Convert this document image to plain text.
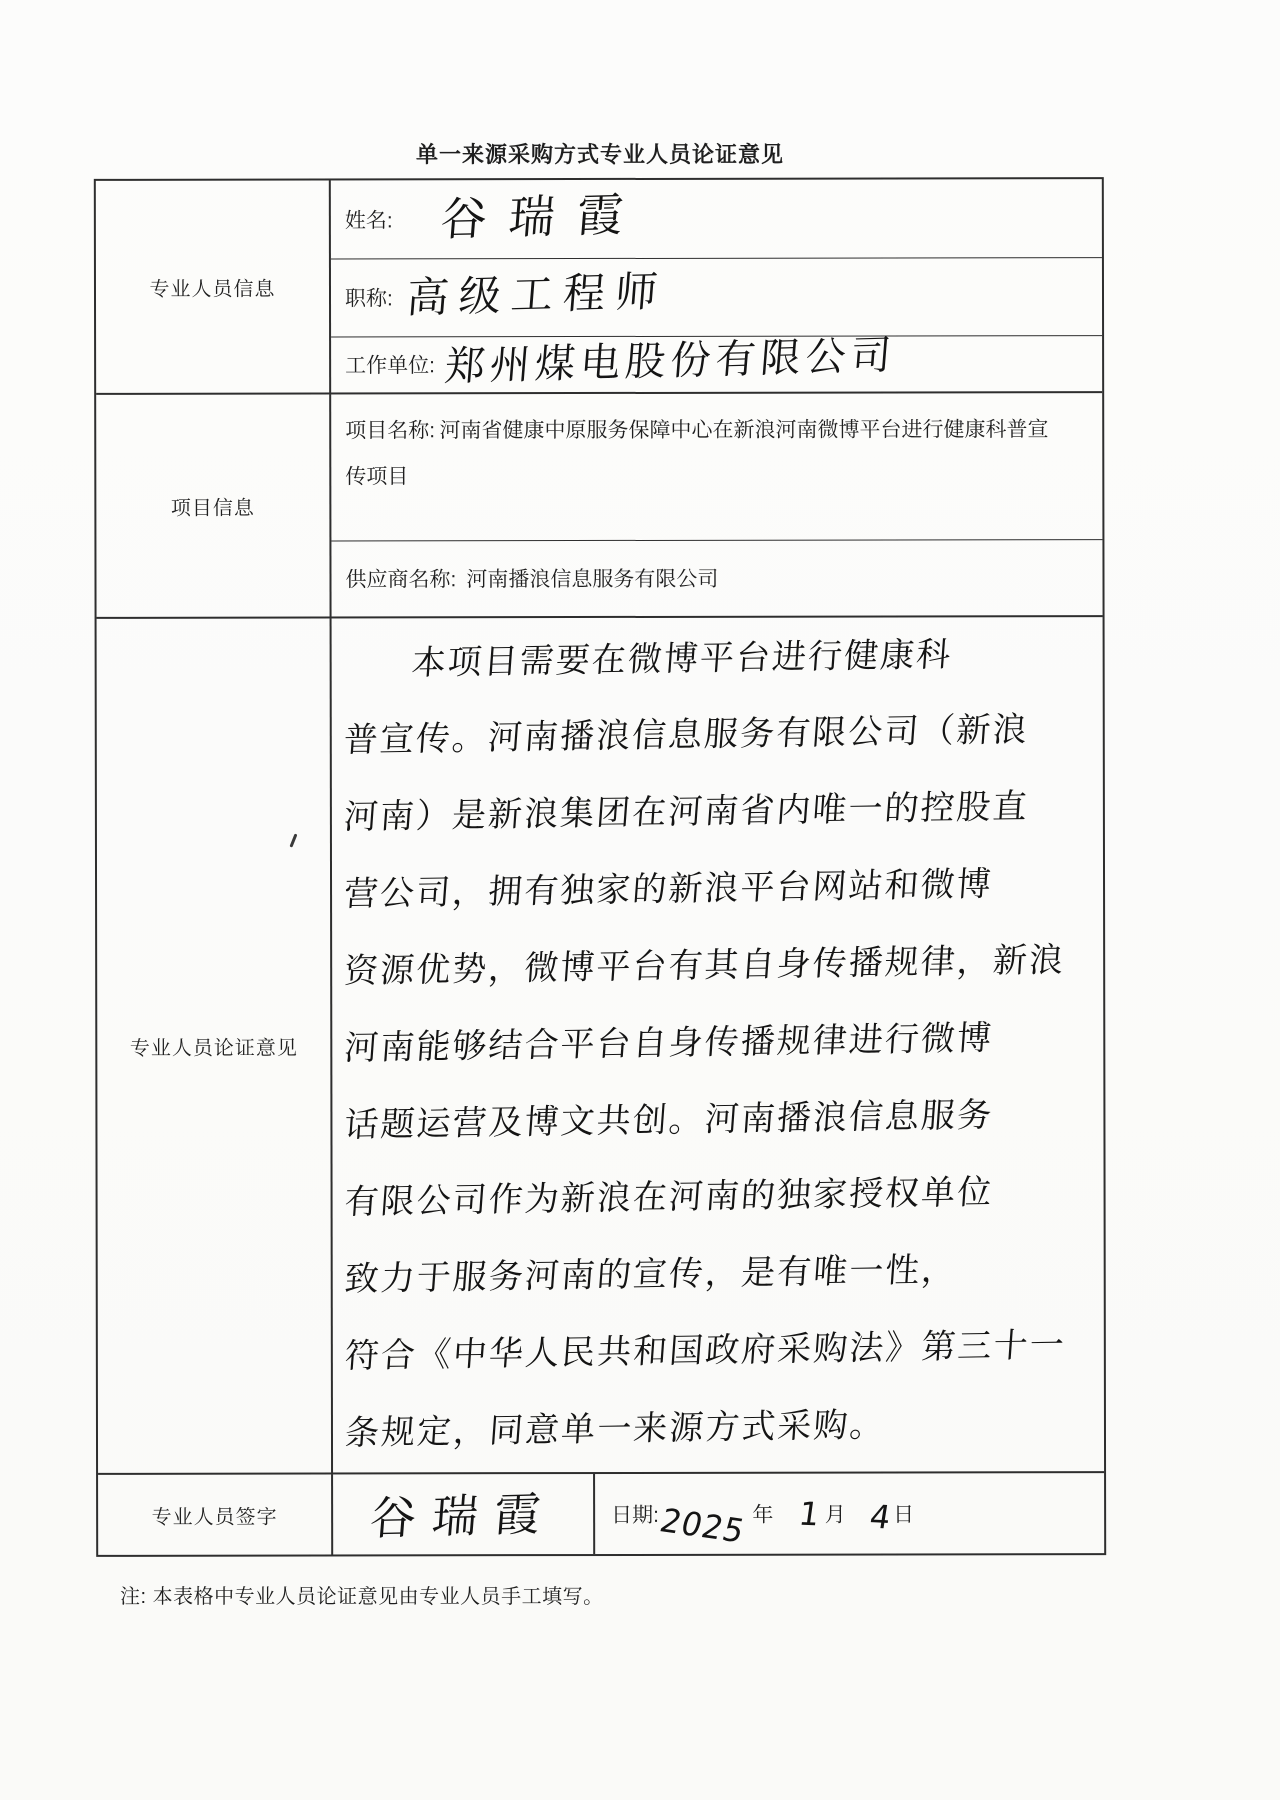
单一来源采购方式专业人员论证意见
专业人员信息
姓名: 谷瑞霞
职称: 高级工程师
工作单位: 郑州煤电股份有限公司
项目信息
项目名称: 河南省健康中原服务保障中心在新浪河南微博平台进行健康科普宣传项目
供应商名称: 河南播浪信息服务有限公司
专业人员论证意见
本项目需要在微博平台进行健康科
普宣传。河南播浪信息服务有限公司（新浪
河南）是新浪集团在河南省内唯一的控股直
营公司，拥有独家的新浪平台网站和微博
资源优势，微博平台有其自身传播规律，新浪
河南能够结合平台自身传播规律进行微博
话题运营及博文共创。河南播浪信息服务
有限公司作为新浪在河南的独家授权单位
致力于服务河南的宣传，是有唯一性，
符合《中华人民共和国政府采购法》第三十一
条规定，同意单一来源方式采购。
专业人员签字	谷瑞霞	日期:
2025 年 1 月 4 日
注: 本表格中专业人员论证意见由专业人员手工填写。
